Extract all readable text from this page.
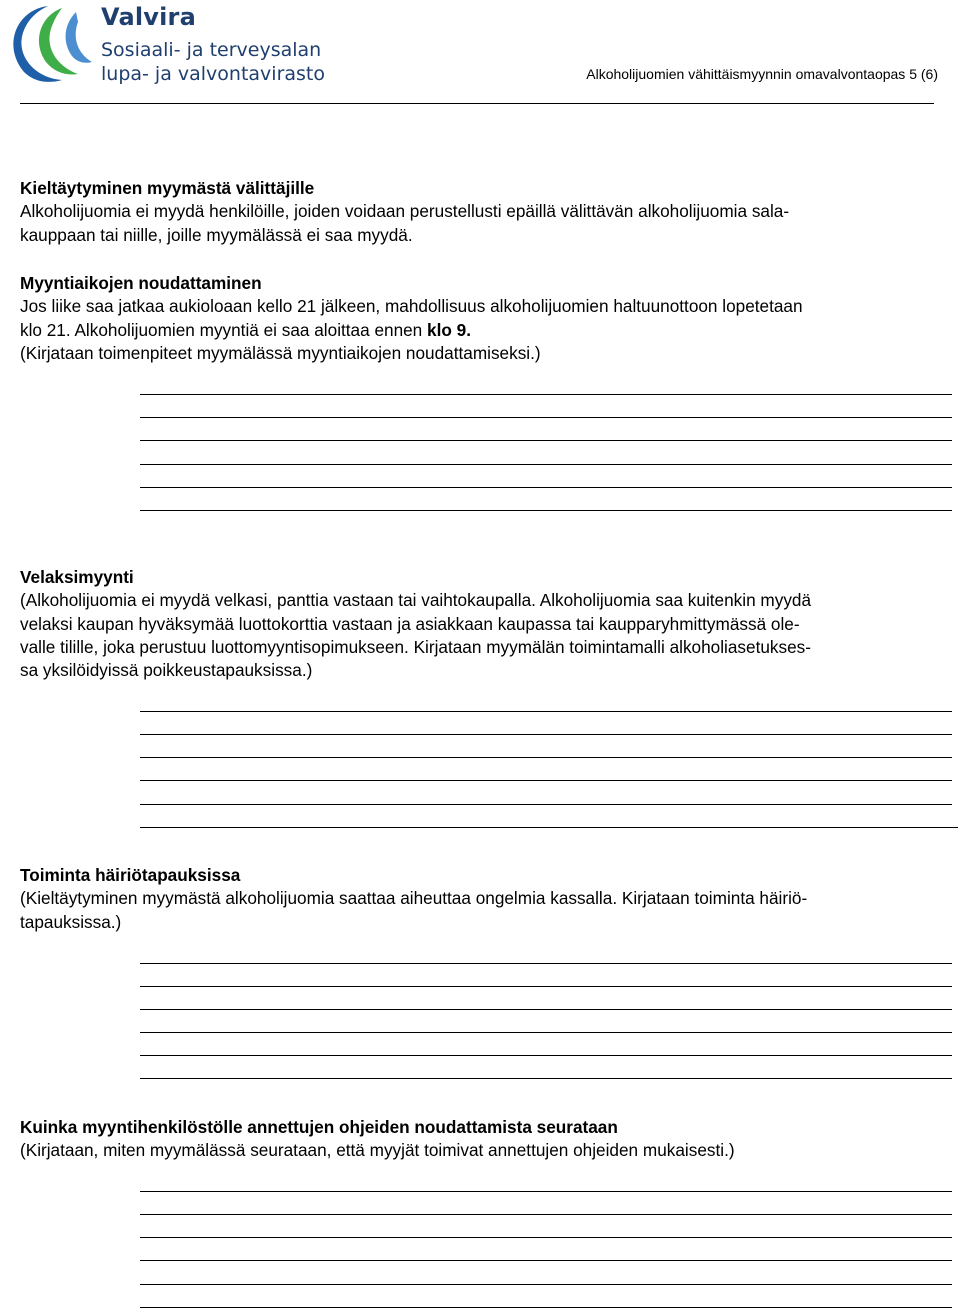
Valvira
Sosiaali- ja terveysalan
lupa- ja valvontavirasto	Alkoholijuomien vähittäismyynnin omavalvontaopas 5 (6)
Kieltäytyminen myymästä välittäjille

Alkoholijuomia ei myydä henkilöille, joiden voidaan perustellusti epäillä välittävän alkoholijuomia sala-
kauppaan tai niille, joille myymälässä ei saa myydä.

Myyntiaikojen noudattaminen

Jos liike saa jatkaa aukioloaan kello 21 jälkeen, mahdollisuus alkoholijuomien haltuunottoon lopetetaan
klo 21. Alkoholijuomien myyntiä ei saa aloittaa ennen klo 9.

(Kirjataan toimenpiteet myymälässä myyntiaikojen noudattamiseksi.)

Velaksimyynti

(Alkoholijuomia ei myydä velkasi, panttia vastaan tai vaihtokaupalla. Alkoholijuomia saa kuitenkin myydä
velaksi kaupan hyväksymää luottokorttia vastaan ja asiakkaan kaupassa tai kaupparyhmittymässä ole-
valle tilille, joka perustuu luottomyyntisopimukseen. Kirjataan myymälän toimintamalli alkoholiasetukses-
sa yksilöidyissä poikkeustapauksissa.)

Toiminta häiriötapauksissa

(Kieltäytyminen myymästä alkoholijuomia saattaa aiheuttaa ongelmia kassalla. Kirjataan toiminta häiriö-
tapauksissa.)

Kuinka myyntihenkilöstölle annettujen ohjeiden noudattamista seurataan

(Kirjataan, miten myymälässä seurataan, että myyjät toimivat annettujen ohjeiden mukaisesti.)
